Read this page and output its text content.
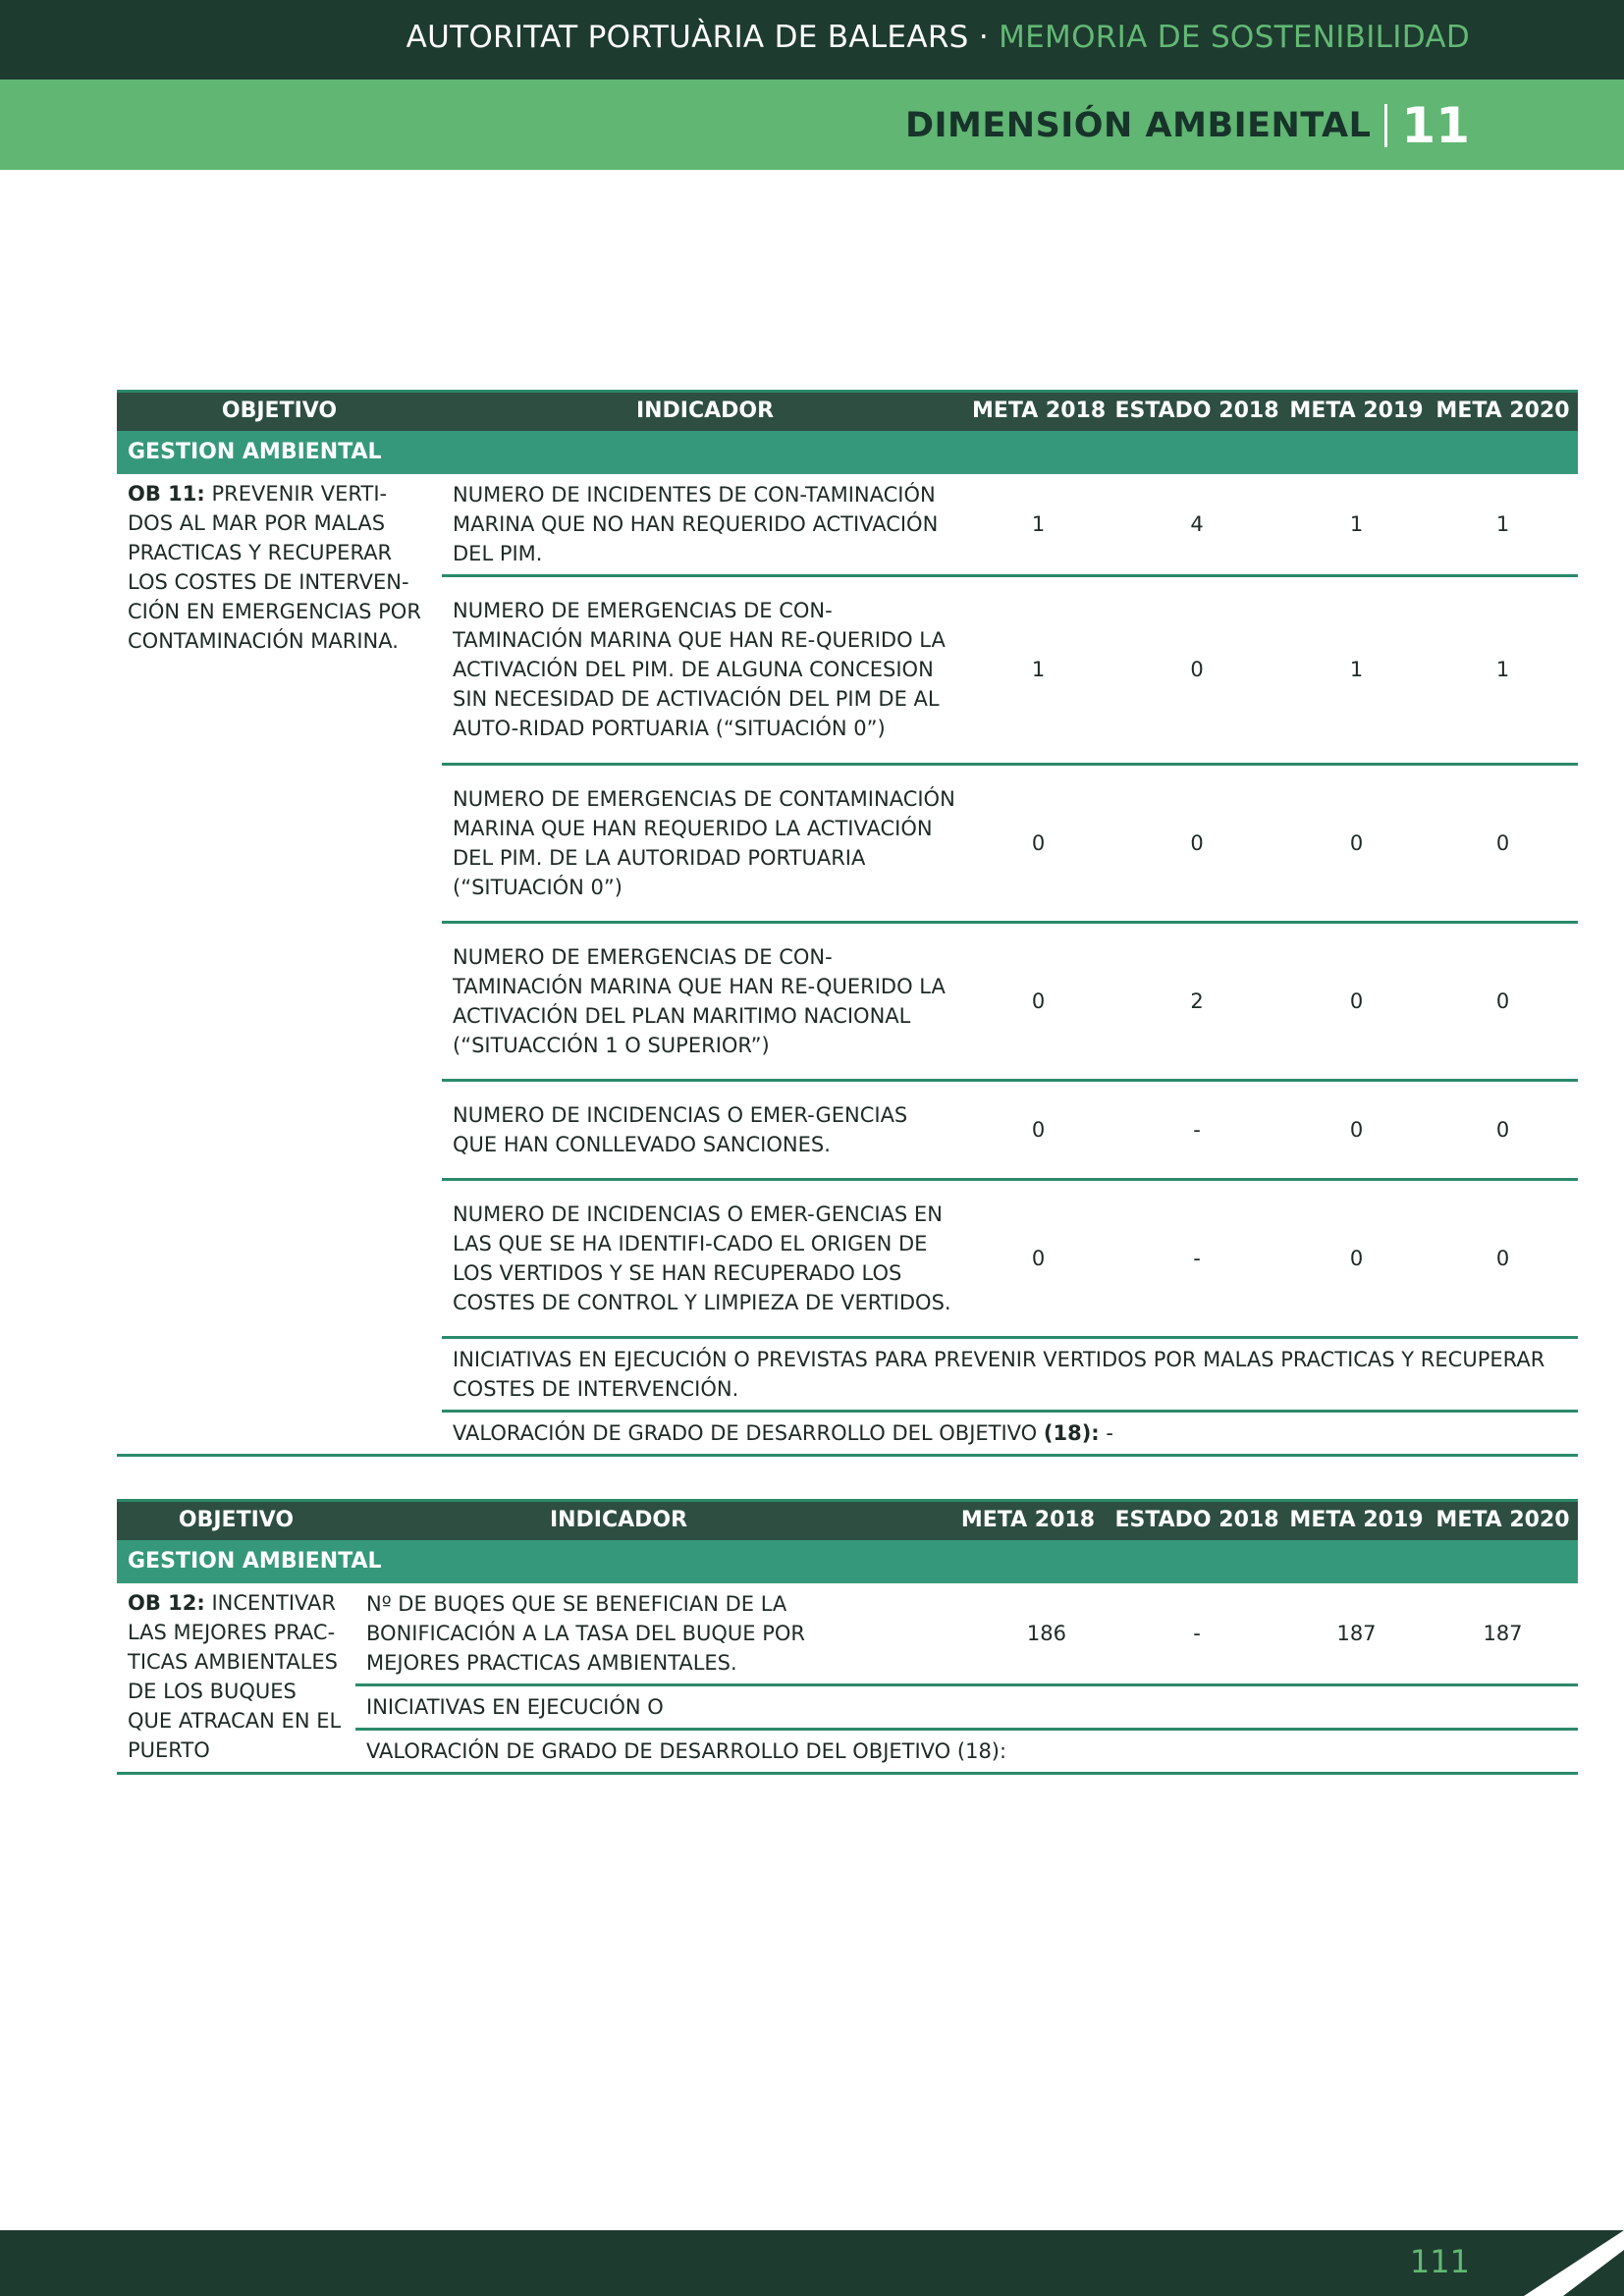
AUTORITAT PORTUÀRIA DE BALEARS · MEMORIA DE SOSTENIBILIDAD
DIMENSIÓN AMBIENTAL 11
OBJETIVO	INDICADOR	META 2018	ESTADO 2018	META 2019	META 2020
GESTION AMBIENTAL					
OB 11: PREVENIR VERTI-DOS AL MAR POR MALAS PRACTICAS Y RECUPERAR LOS COSTES DE INTERVEN-CIÓN EN EMERGENCIAS POR CONTAMINACIÓN MARINA.	NUMERO DE INCIDENTES DE CON-TAMINACIÓN MARINA QUE NO HAN REQUERIDO ACTIVACIÓN DEL PIM.	1	4	1	1
	NUMERO DE EMERGENCIAS DE CON-TAMINACIÓN MARINA QUE HAN RE-QUERIDO LA ACTIVACIÓN DEL PIM. DE ALGUNA CONCESION SIN NECESIDAD DE ACTIVACIÓN DEL PIM DE AL AUTO-RIDAD PORTUARIA (“SITUACIÓN 0”)	1	0	1	1
	NUMERO DE EMERGENCIAS DE CONTAMINACIÓN MARINA QUE HAN REQUERIDO LA ACTIVACIÓN DEL PIM. DE LA AUTORIDAD PORTUARIA (“SITUACIÓN 0”)	0	0	0	0
	NUMERO DE EMERGENCIAS DE CON-TAMINACIÓN MARINA QUE HAN RE-QUERIDO LA ACTIVACIÓN DEL PLAN MARITIMO NACIONAL (“SITUACCIÓN 1 O SUPERIOR”)	0	2	0	0
	NUMERO DE INCIDENCIAS O EMER-GENCIAS QUE HAN CONLLEVADO SANCIONES.	0	-	0	0
	NUMERO DE INCIDENCIAS O EMER-GENCIAS EN LAS QUE SE HA IDENTIFI-CADO EL ORIGEN DE LOS VERTIDOS Y SE HAN RECUPERADO LOS COSTES DE CONTROL Y LIMPIEZA DE VERTIDOS.	0	-	0	0
	INICIATIVAS EN EJECUCIÓN O PREVISTAS PARA PREVENIR VERTIDOS POR MALAS PRACTICAS Y RECUPERAR COSTES DE INTERVENCIÓN.				
	VALORACIÓN DE GRADO DE DESARROLLO DEL OBJETIVO (18): -				
OBJETIVO	INDICADOR	META 2018	ESTADO 2018	META 2019	META 2020
GESTION AMBIENTAL					
OB 12: INCENTIVAR LAS MEJORES PRAC-TICAS AMBIENTALES DE LOS BUQUES QUE ATRACAN EN EL PUERTO	Nº DE BUQES QUE SE BENEFICIAN DE LA BONIFICACIÓN A LA TASA DEL BUQUE POR MEJORES PRACTICAS AMBIENTALES.	186	-	187	187
	INICIATIVAS EN EJECUCIÓN O				
	VALORACIÓN DE GRADO DE DESARROLLO DEL OBJETIVO (18):				
111
